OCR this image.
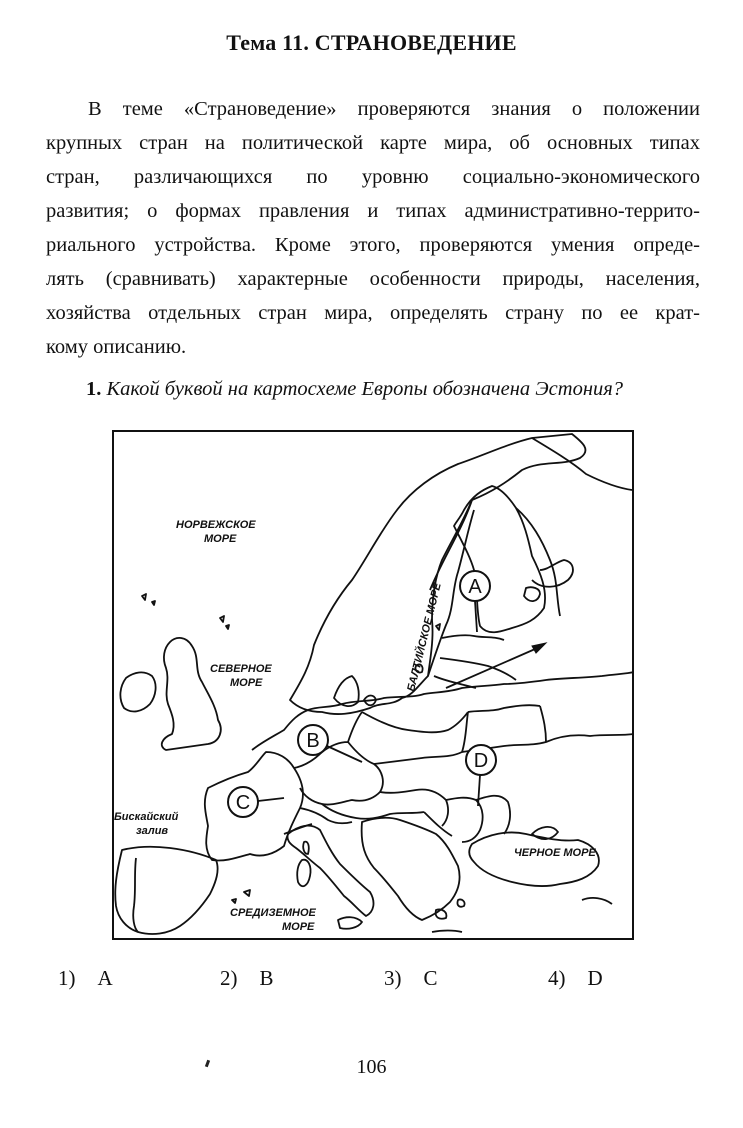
Тема 11. СТРАНОВЕДЕНИЕ
В теме «Страноведение» проверяются знания о положении
крупных стран на политической карте мира, об основных типах
стран, различающихся по уровню социально-экономического
развития; о формах правления и типах административно-террито-
риального устройства. Кроме этого, проверяются умения опреде-
лять (сравнивать) характерные особенности природы, населения,
хозяйства отдельных стран мира, определять страну по ее крат-
кому описанию.
1. Какой буквой на картосхеме Европы обозначена Эстония?
A
B
C
D
НОРВЕЖСКОЕ
МОРЕ
СЕВЕРНОЕ
МОРЕ	БАЛТИЙСКОЕ МОРЕ
Бискайский
залив
ЧЕРНОЕ МОРЕ
СРЕДИЗЕМНОЕ
МОРЕ
1) A	2) B	3) C	4) D
106
